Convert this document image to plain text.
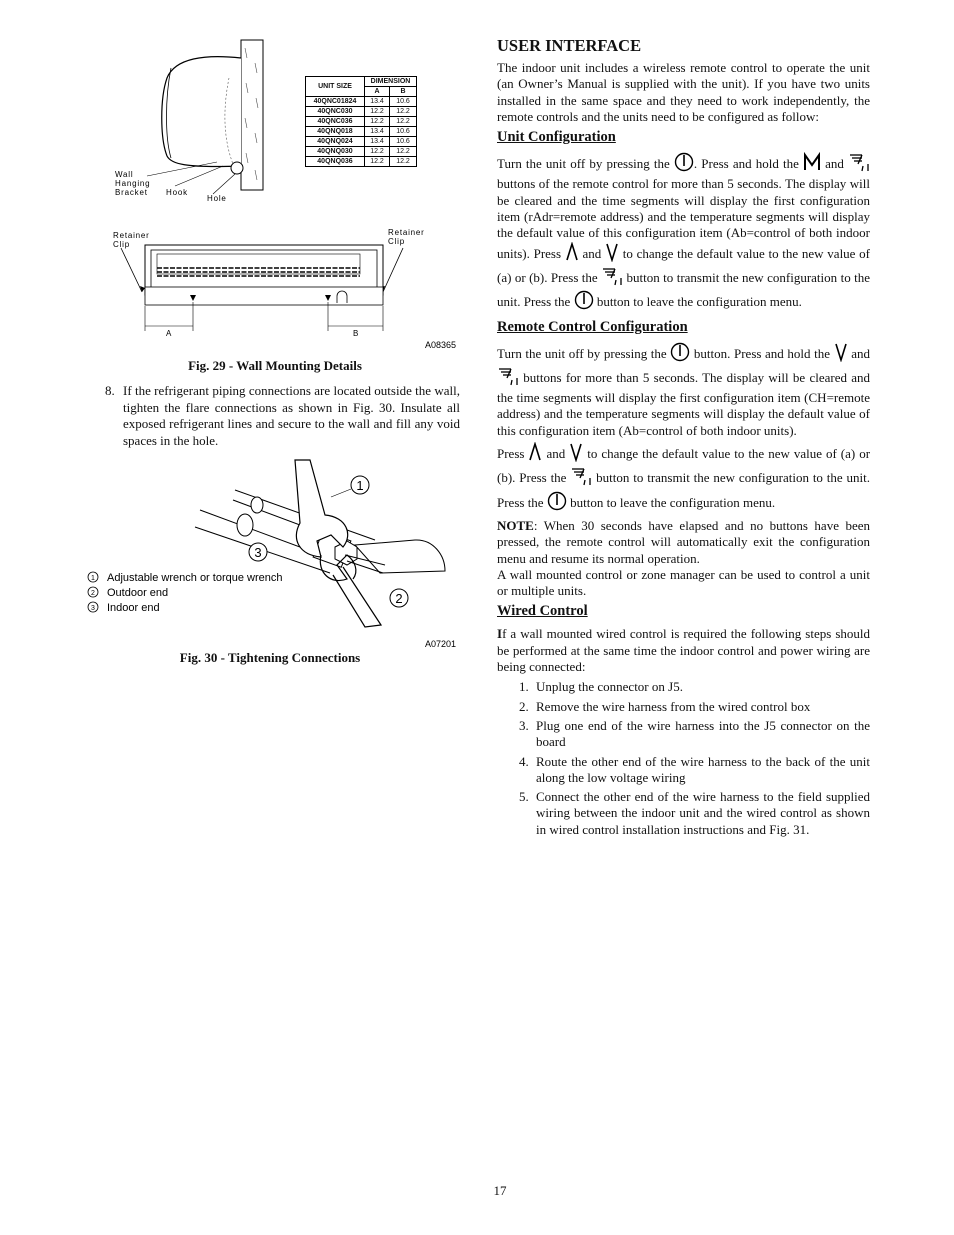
Wall
Hanging
Bracket Hook
Hole
Retainer
Clip
Retainer
Clip
A	B
A08365
UNIT SIZE	DIMENSION	
	A	B
40QNC01824	13.4	10.6
40QNC030	12.2	12.2
40QNC036	12.2	12.2
40QNQ018	13.4	10.6
40QNQ024	13.4	10.6
40QNQ030	12.2	12.2
40QNQ036	12.2	12.2
Fig. 29 - Wall Mounting Details
8. If the refrigerant piping connections are located outside the wall, tighten the flare connections as shown in Fig. 30. Insulate all exposed refrigerant lines and secure to the wall and fill any void spaces in the hole.
1
2
3
1 Adjustable wrench or torque wrench
2 Outdoor end
3 Indoor end
A07201
Fig. 30 - Tightening Connections
USER INTERFACE

The indoor unit includes a wireless remote control to operate the unit (an Owner’s Manual is supplied with the unit). If you have two units installed in the same space and they need to work independently, the remote controls and the units need to be configured as follow:

Unit Configuration

Turn the unit off by pressing the . Press and hold the and  buttons of the remote control for more than 5 seconds. The display will be cleared and the time segments will display the first configuration item (rAdr=remote address) and the temperature segments will display the default value of this configuration item (Ab=control of both indoor units). Press and to change the default value to the new value of (a) or (b). Press the button to transmit the new configuration to the unit. Press the button to leave the configuration menu.

Remote Control Configuration

Turn the unit off by pressing the button. Press and hold the and  buttons for more than 5 seconds. The display will be cleared and the time segments will display the first configuration item (CH=remote address) and the temperature segments will display the default value of this configuration item (Ab=control of both indoor units).

Press and to change the default value to the new value of (a) or (b). Press the button to transmit the new configuration to the unit. Press the button to leave the configuration menu.

NOTE: When 30 seconds have elapsed and no buttons have been pressed, the remote control will automatically exit the configuration menu and resume its normal operation.

A wall mounted control or zone manager can be used to control a unit or multiple units.

Wired Control

If a wall mounted wired control is required the following steps should be performed at the same time the indoor control and power wiring are being connected:

1. Unplug the connector on J5.
2. Remove the wire harness from the wired control box
3. Plug one end of the wire harness into the J5 connector on the board
4. Route the other end of the wire harness to the back of the unit along the low voltage wiring
5. Connect the other end of the wire harness to the field supplied wiring between the indoor unit and the wired control as shown in wired control installation instructions and Fig. 31.
17
